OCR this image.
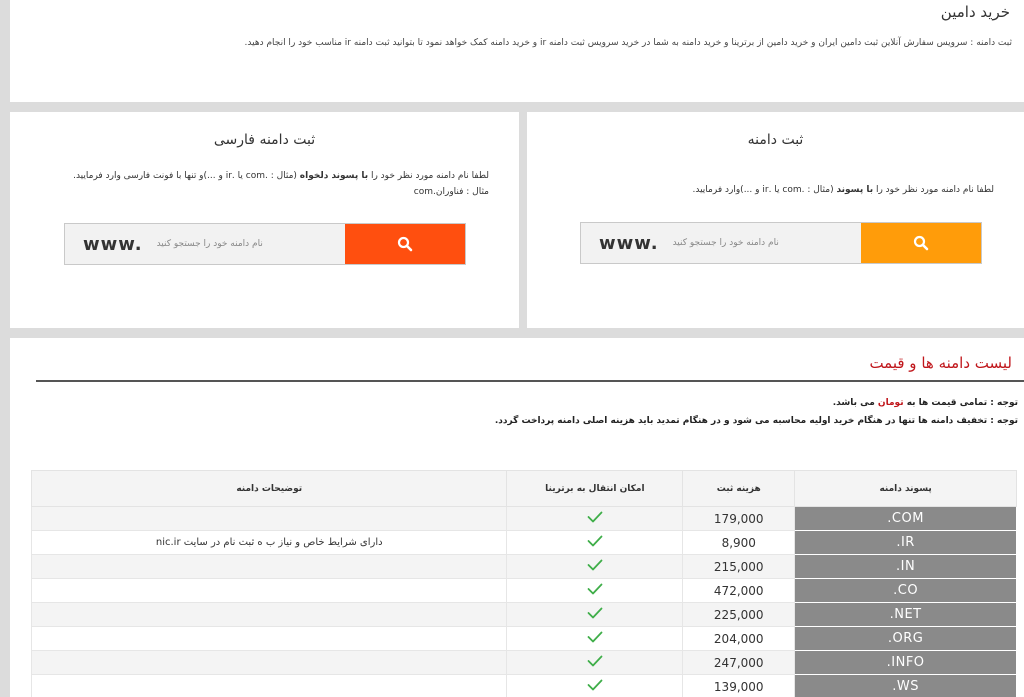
خرید دامین

ثبت دامنه : سرویس سفارش آنلاین ثبت دامین ایران و خرید دامین از برترینا و خرید دامنه به شما در خرید سرویس ثبت دامنه ir و خرید دامنه کمک خواهد نمود تا بتوانید ثبت دامنه ir مناسب خود را انجام دهید.

ثبت دامنه
لطفا نام دامنه مورد نظر خود را با پسوند (مثال : .com یا .ir و ...)وارد فرمایید.
www. نام دامنه خود را جستجو کنید
ثبت دامنه فارسی
لطفا نام دامنه مورد نظر خود را با پسوند دلخواه (مثال : .com یا .ir و ...)و تنها با فونت فارسی وارد فرمایید.
مثال : فناوران.com
www. نام دامنه خود را جستجو کنید
لیست دامنه ها و قیمت
توجه : تمامی قیمت ها به تومان می باشد.
توجه : تخفیف دامنه ها تنها در هنگام خرید اولیه محاسبه می شود و در هنگام تمدید باید هزینه اصلی دامنه پرداخت گردد.
توضیحات دامنه	امکان انتقال به برترینا	هزینه ثبت	پسوند دامنه
		179,000	.COM
دارای شرایط خاص و نیاز ب ه ثبت نام در سایت nic.ir		8,900	.IR
		215,000	.IN
		472,000	.CO
		225,000	.NET
		204,000	.ORG
		247,000	.INFO
		139,000	.WS
